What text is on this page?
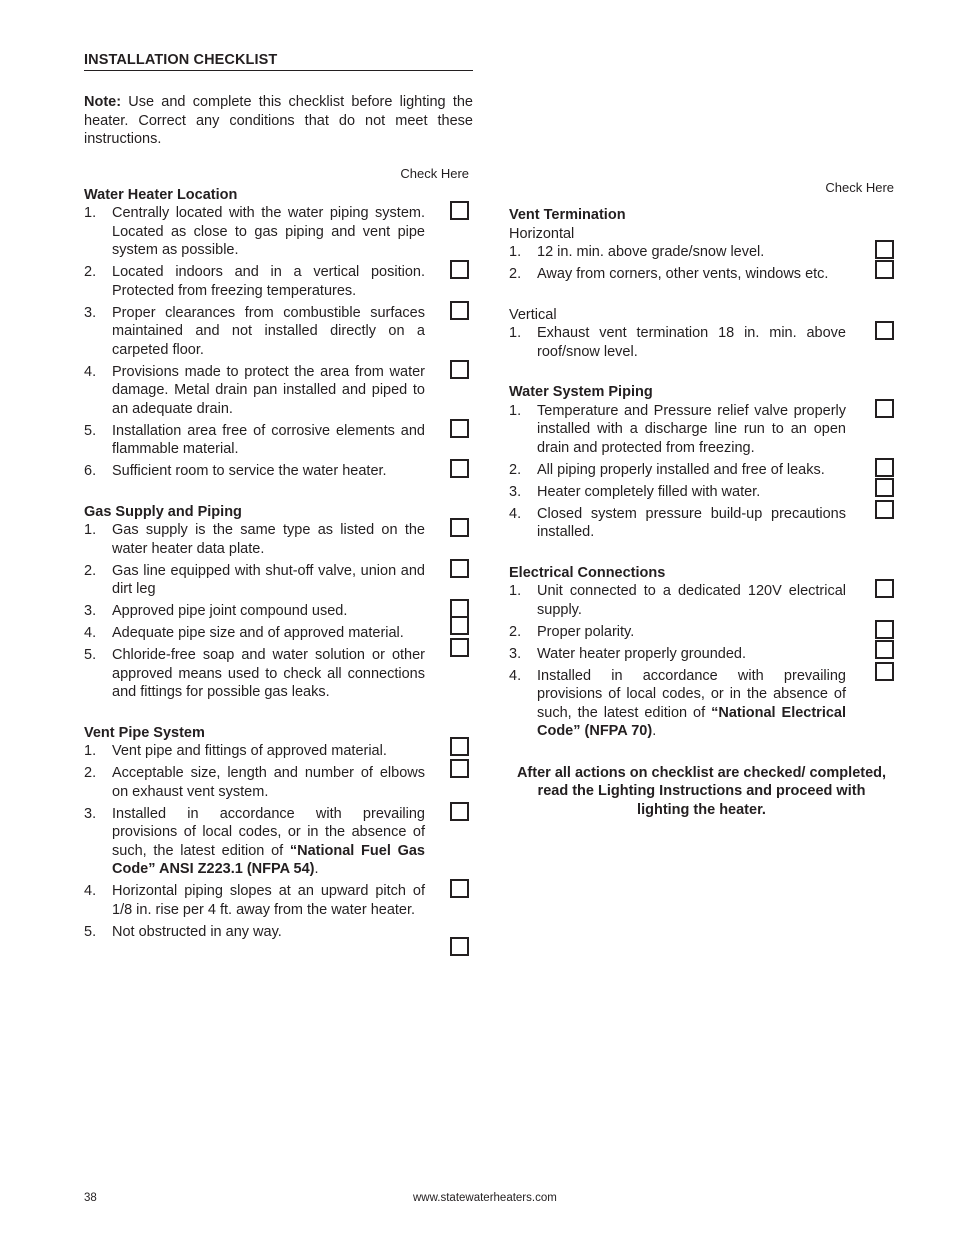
INSTALLATION CHECKLIST
Note: Use and complete this checklist before lighting the heater. Correct any conditions that do not meet these instructions.
Check Here
Water Heater Location
1. Centrally located with the water piping system. Located as close to gas piping and vent pipe system as possible.
2. Located indoors and in a vertical position. Protected from freezing temperatures.
3. Proper clearances from combustible surfaces maintained and not installed directly on a carpeted floor.
4. Provisions made to protect the area from water damage. Metal drain pan installed and piped to an adequate drain.
5. Installation area free of corrosive elements and flammable material.
6. Sufficient room to service the water heater.
Gas Supply and Piping
1. Gas supply is the same type as listed on the water heater data plate.
2. Gas line equipped with shut-off valve, union and dirt leg
3. Approved pipe joint compound used.
4. Adequate pipe size and of approved material.
5. Chloride-free soap and water solution or other approved means used to check all connections and fittings for possible gas leaks.
Vent Pipe System
1. Vent pipe and fittings of approved material.
2. Acceptable size, length and number of elbows on exhaust vent system.
3. Installed in accordance with prevailing provisions of local codes, or in the absence of such, the latest edition of “National Fuel Gas Code” ANSI Z223.1 (NFPA 54).
4. Horizontal piping slopes at an upward pitch of 1/8 in. rise per 4 ft. away from the water heater.
5. Not obstructed in any way.
Check Here
Vent Termination
Horizontal
1. 12 in. min. above grade/snow level.
2. Away from corners, other vents, windows etc.
Vertical
1. Exhaust vent termination 18 in. min. above roof/snow level.
Water System Piping
1. Temperature and Pressure relief valve properly installed with a discharge line run to an open drain and protected from freezing.
2. All piping properly installed and free of leaks.
3. Heater completely filled with water.
4. Closed system pressure build-up precautions installed.
Electrical Connections
1. Unit connected to a dedicated 120V electrical supply.
2. Proper polarity.
3. Water heater properly grounded.
4. Installed in accordance with prevailing provisions of local codes, or in the absence of such, the latest edition of “National Electrical Code” (NFPA 70).
After all actions on checklist are checked/ completed, read the Lighting Instructions and proceed with lighting the heater.
38	www.statewaterheaters.com
